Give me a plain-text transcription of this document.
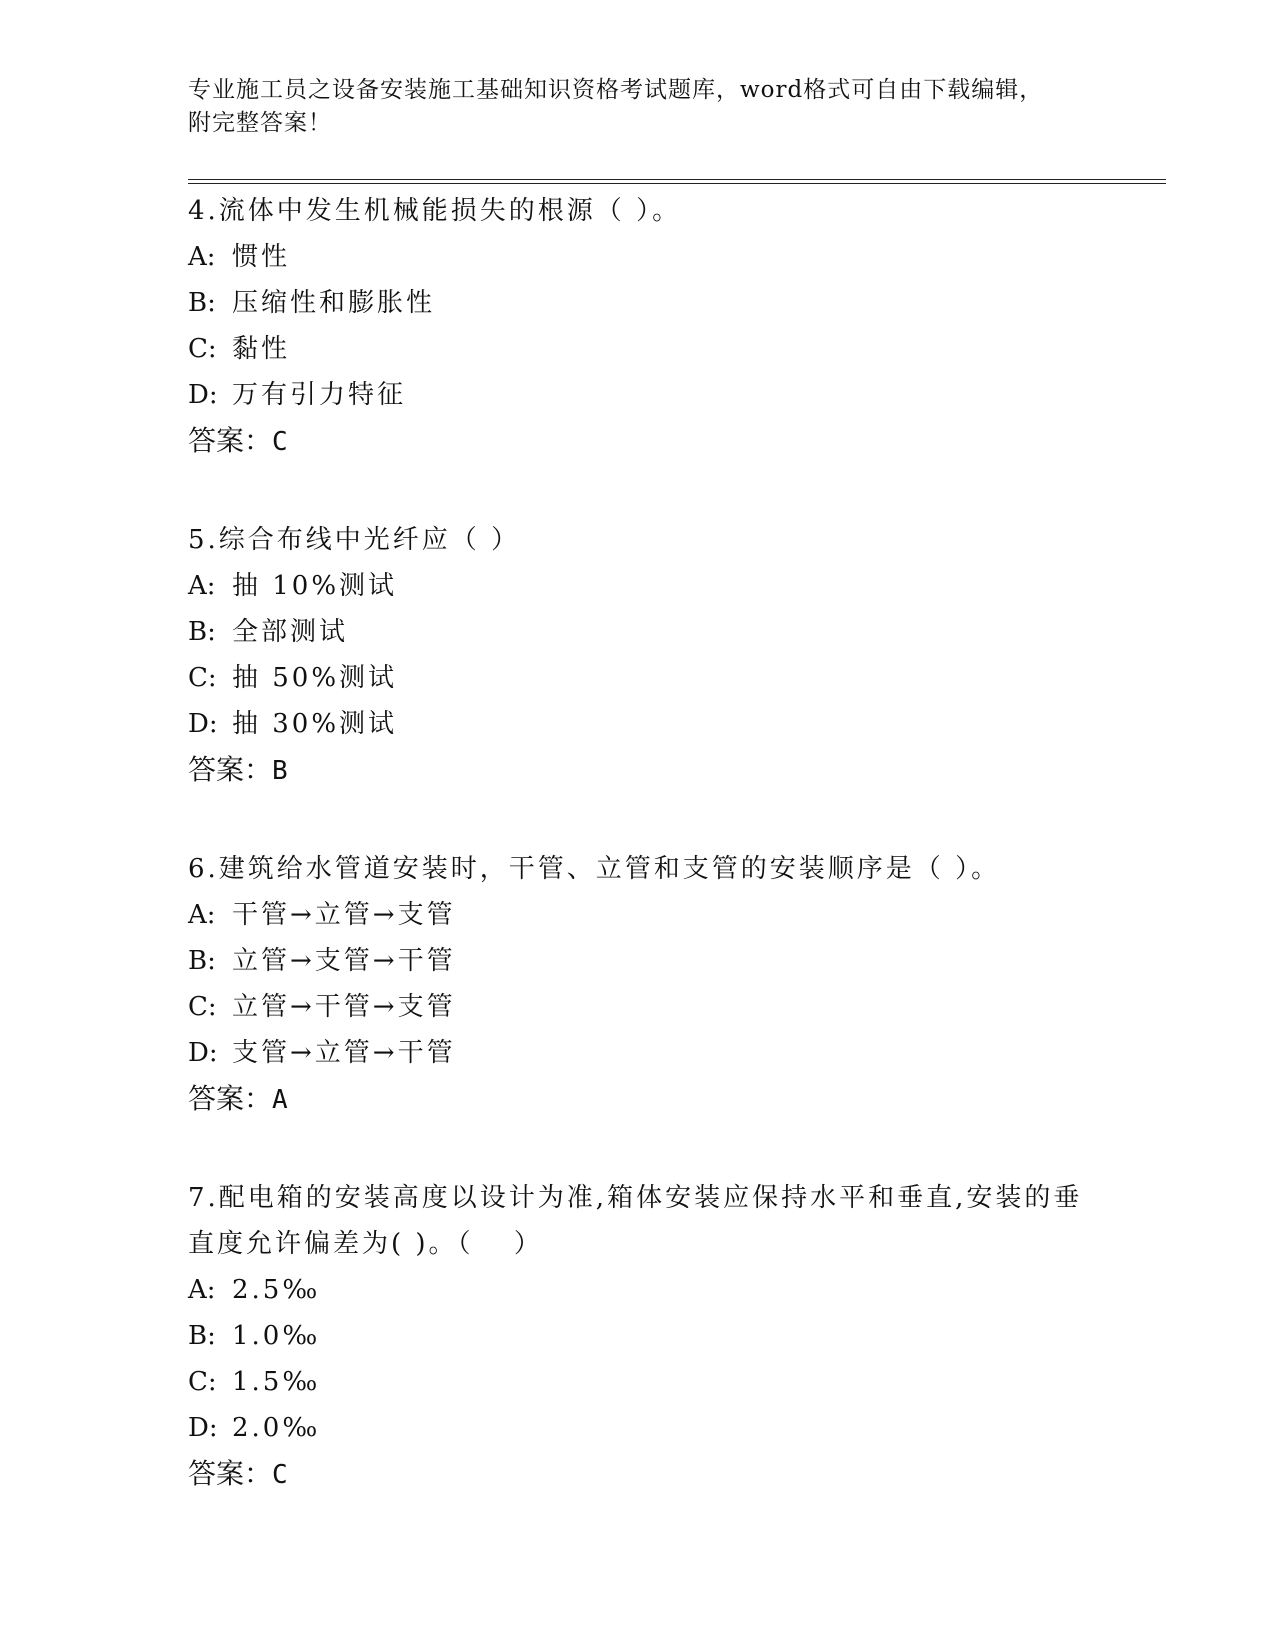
专业施工员之设备安装施工基础知识资格考试题库，word格式可自由下载编辑，
附完整答案！

4.流体中发生机械能损失的根源（ ）。

A: 惯性

B: 压缩性和膨胀性

C: 黏性

D: 万有引力特征

答案：C

5.综合布线中光纤应（ ）

A: 抽 10%测试

B: 全部测试

C: 抽 50%测试

D: 抽 30%测试

答案：B

6.建筑给水管道安装时，干管、立管和支管的安装顺序是（ ）。

A: 干管→立管→支管

B: 立管→支管→干管

C: 立管→干管→支管

D: 支管→立管→干管

答案：A

7.配电箱的安装高度以设计为准,箱体安装应保持水平和垂直,安装的垂直度允许偏差为( )。（　 ）

A: 2.5‰

B: 1.0‰

C: 1.5‰

D: 2.0‰

答案：C
